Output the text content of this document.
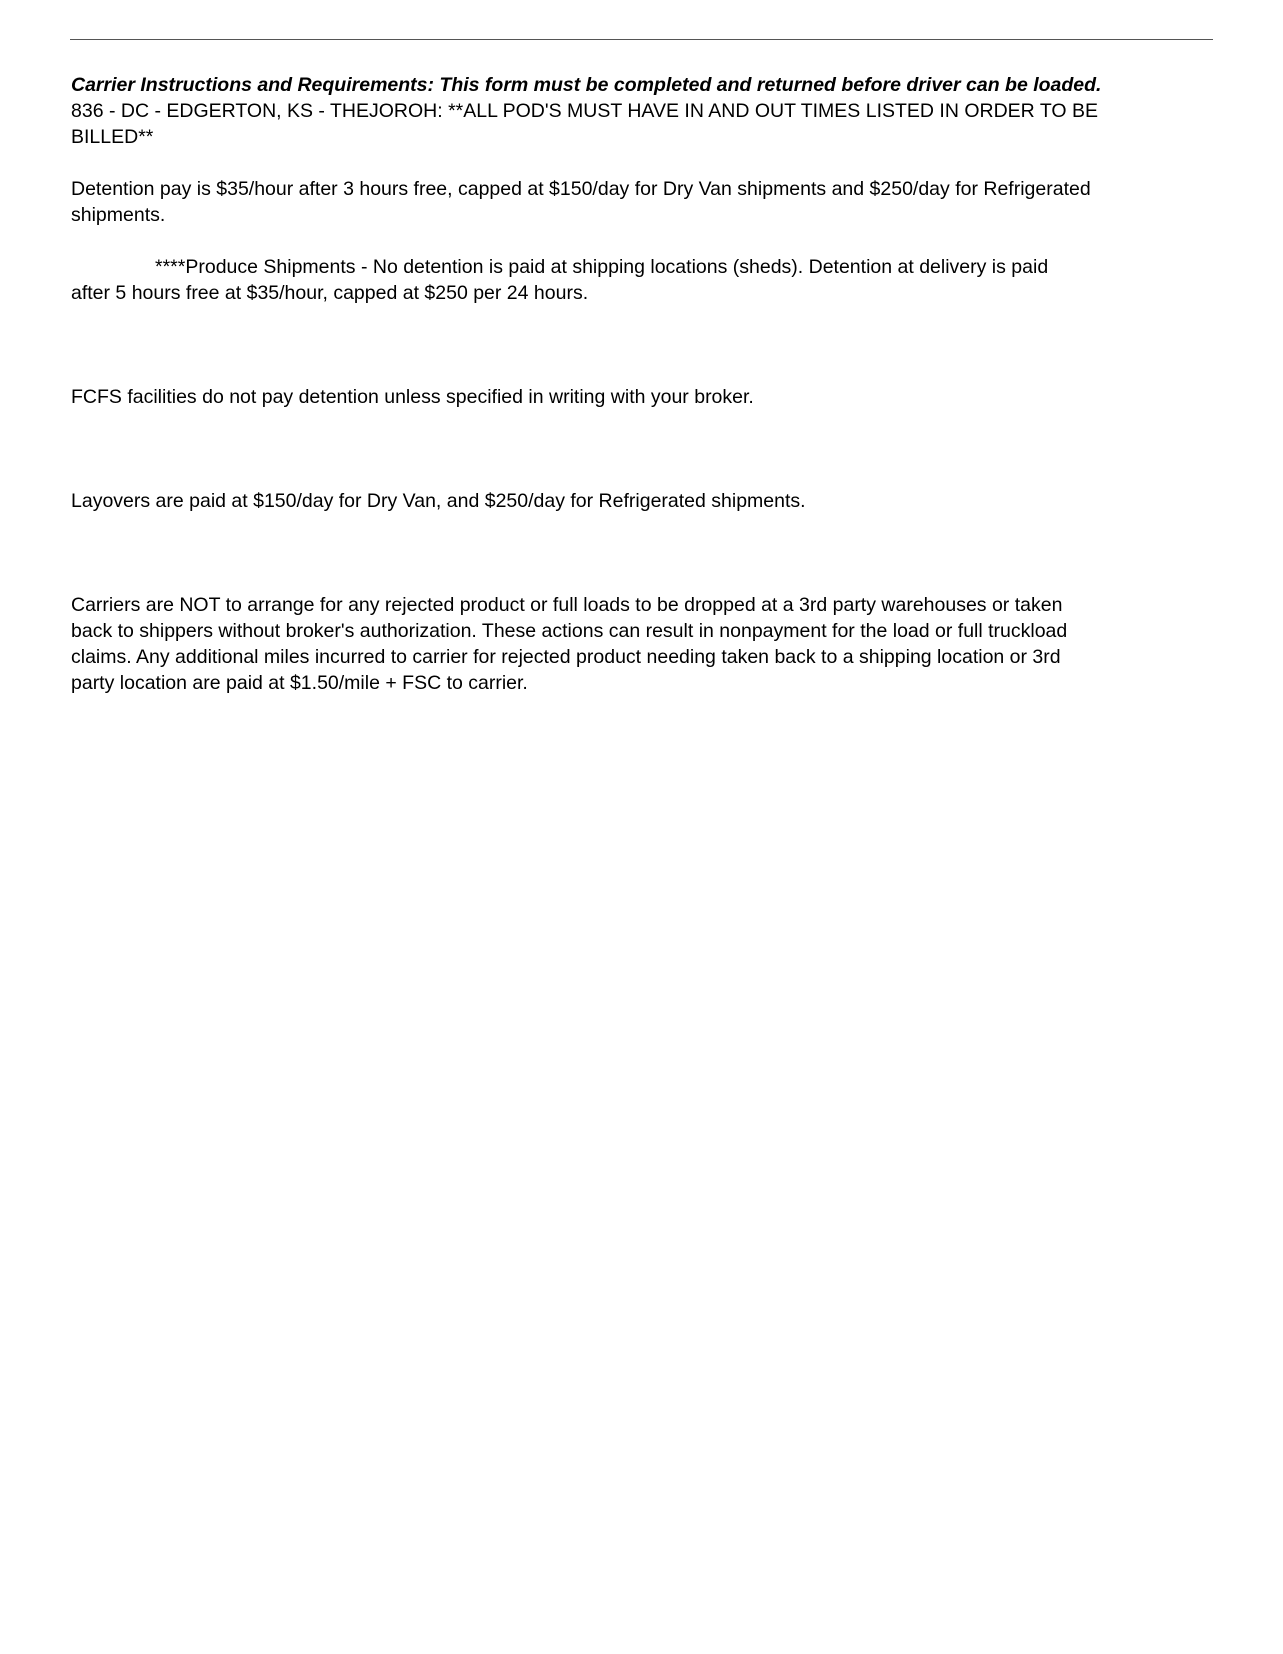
Carrier Instructions and Requirements: This form must be completed and returned before driver can be loaded.

836 - DC - EDGERTON, KS - THEJOROH: **ALL POD'S MUST HAVE IN AND OUT TIMES LISTED IN ORDER TO BE BILLED**

Detention pay is $35/hour after 3 hours free, capped at $150/day for Dry Van shipments and $250/day for Refrigerated shipments.

****Produce Shipments - No detention is paid at shipping locations (sheds). Detention at delivery is paid after 5 hours free at $35/hour, capped at $250 per 24 hours.

FCFS facilities do not pay detention unless specified in writing with your broker.

Layovers are paid at $150/day for Dry Van, and $250/day for Refrigerated shipments.

Carriers are NOT to arrange for any rejected product or full loads to be dropped at a 3rd party warehouses or taken back to shippers without broker's authorization. These actions can result in nonpayment for the load or full truckload claims. Any additional miles incurred to carrier for rejected product needing taken back to a shipping location or 3rd party location are paid at $1.50/mile + FSC to carrier.
